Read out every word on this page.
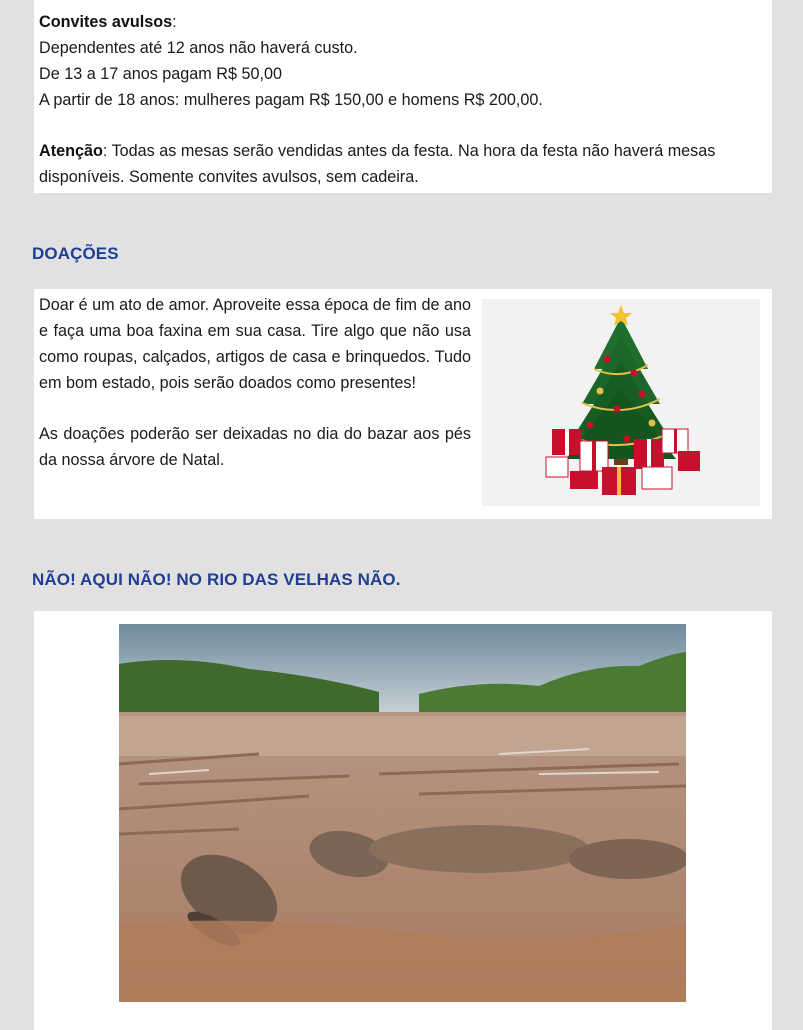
Convites avulsos:

Dependentes até 12 anos não haverá custo.

De 13 a 17 anos pagam R$ 50,00

A partir de 18 anos: mulheres pagam R$ 150,00 e homens R$ 200,00.

Atenção: Todas as mesas serão vendidas antes da festa. Na hora da festa não haverá mesas disponíveis. Somente convites avulsos, sem cadeira.

DOAÇÕES

Doar é um ato de amor. Aproveite essa época de fim de ano e faça uma boa faxina em sua casa. Tire algo que não usa como roupas, calçados, artigos de casa e brinquedos. Tudo em bom estado, pois serão doados como presentes!

As doações poderão ser deixadas no dia do bazar aos pés da nossa árvore de Natal.

NÃO! AQUI NÃO! NO RIO DAS VELHAS NÃO.
